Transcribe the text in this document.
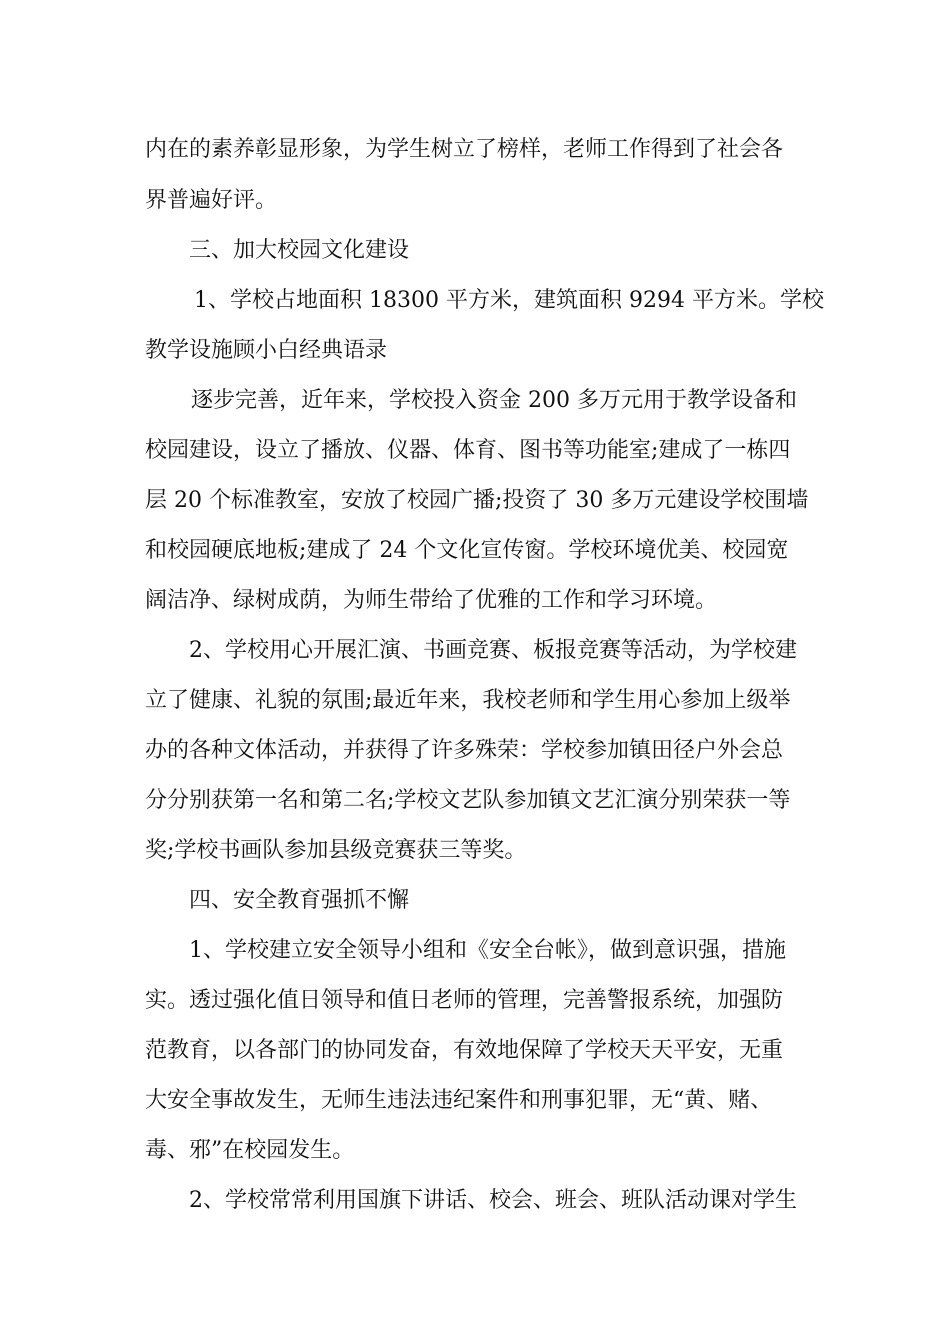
内在的素养彰显形象，为学生树立了榜样，老师工作得到了社会各
界普遍好评。
三、加大校园文化建设
1、学校占地面积 18300 平方米，建筑面积 9294 平方米。学校
教学设施顾小白经典语录
逐步完善，近年来，学校投入资金 200 多万元用于教学设备和
校园建设，设立了播放、仪器、体育、图书等功能室;建成了一栋四
层 20 个标准教室，安放了校园广播;投资了 30 多万元建设学校围墙
和校园硬底地板;建成了 24 个文化宣传窗。学校环境优美、校园宽
阔洁净、绿树成荫，为师生带给了优雅的工作和学习环境。
2、学校用心开展汇演、书画竞赛、板报竞赛等活动，为学校建
立了健康、礼貌的氛围;最近年来，我校老师和学生用心参加上级举
办的各种文体活动，并获得了许多殊荣：学校参加镇田径户外会总
分分别获第一名和第二名;学校文艺队参加镇文艺汇演分别荣获一等
奖;学校书画队参加县级竞赛获三等奖。
四、安全教育强抓不懈
1、学校建立安全领导小组和《安全台帐》，做到意识强，措施
实。透过强化值日领导和值日老师的管理，完善警报系统，加强防
范教育，以各部门的协同发奋，有效地保障了学校天天平安，无重
大安全事故发生，无师生违法违纪案件和刑事犯罪，无“黄、赌、
毒、邪”在校园发生。
2、学校常常利用国旗下讲话、校会、班会、班队活动课对学生
